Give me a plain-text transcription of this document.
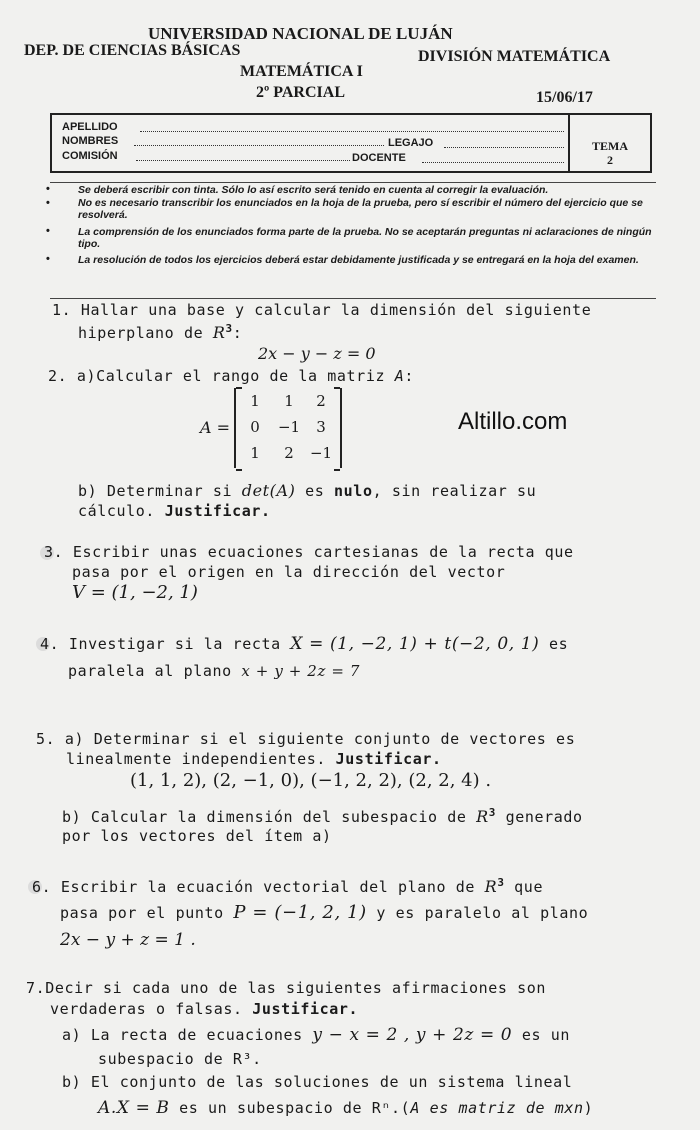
UNIVERSIDAD NACIONAL DE LUJÁN
DEP. DE CIENCIAS BÁSICAS	DIVISIÓN MATEMÁTICA
MATEMÁTICA I
2º PARCIAL	15/06/17
APELLIDO
NOMBRES	LEGAJO
COMISIÓN	DOCENTE
TEMA
2
•	Se deberá escribir con tinta. Sólo lo así escrito será tenido en cuenta al corregir la evaluación.
•	No es necesario transcribir los enunciados en la hoja de la prueba, pero sí escribir el número del ejercicio que se resolverá.
•	La comprensión de los enunciados forma parte de la prueba. No se aceptarán preguntas ni aclaraciones de ningún tipo.
•	La resolución de todos los ejercicios deberá estar debidamente justificada y se entregará en la hoja del examen.
1. Hallar una base y calcular la dimensión del siguiente
hiperplano de $R^3$:
2x − y − z = 0
2. a)Calcular el rango de la matriz A:
A =
1	1	2
0	−1	3
1	2	−1
Altillo.com
b) Determinar si det(A) es nulo, sin realizar su
cálculo. Justificar.
3. Escribir unas ecuaciones cartesianas de la recta que
pasa por el origen en la dirección del vector
V = (1, −2, 1)
4. Investigar si la recta X = (1, −2, 1) + t(−2, 0, 1) es
paralela al plano x + y + 2z = 7
5. a) Determinar si el siguiente conjunto de vectores es
linealmente independientes. Justificar.
(1, 1, 2), (2, −1, 0), (−1, 2, 2), (2, 2, 4) .
b) Calcular la dimensión del subespacio de $R^3$ generado
por los vectores del ítem a)
6. Escribir la ecuación vectorial del plano de $R^3$ que
pasa por el punto P = (−1, 2, 1) y es paralelo al plano
2x − y + z = 1 .
7.Decir si cada uno de las siguientes afirmaciones son
verdaderas o falsas. Justificar.
a) La recta de ecuaciones y − x = 2 , y + 2z = 0 es un
subespacio de R³.
b) El conjunto de las soluciones de un sistema lineal
A.X = B es un subespacio de Rⁿ.(A es matriz de mxn)
